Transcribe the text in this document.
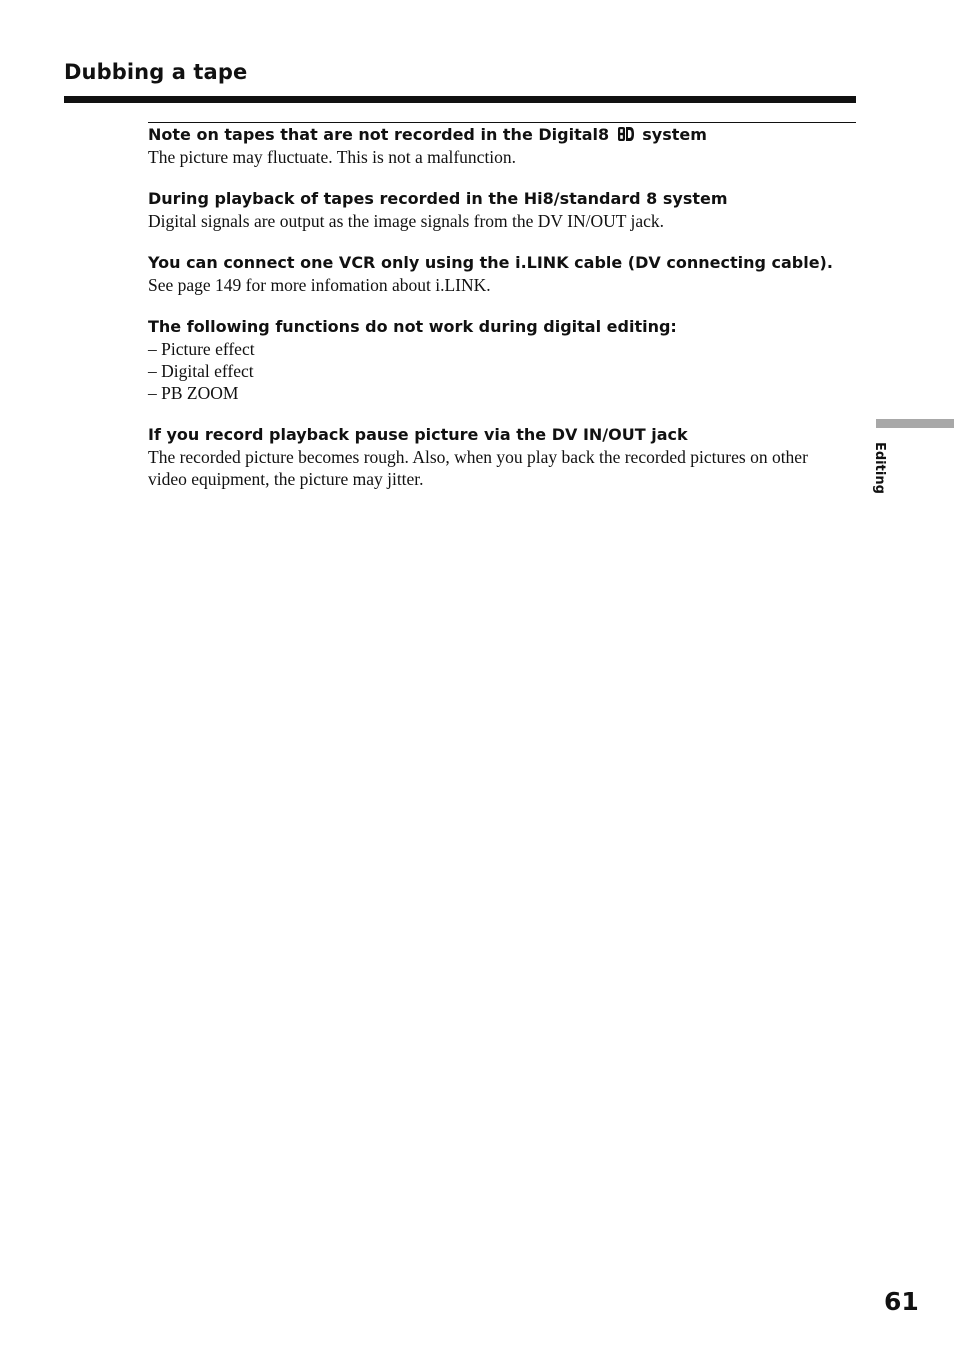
Dubbing a tape

Note on tapes that are not recorded in the Digital8 system

The picture may fluctuate. This is not a malfunction.

During playback of tapes recorded in the Hi8/standard 8 system

Digital signals are output as the image signals from the DV IN/OUT jack.

You can connect one VCR only using the i.LINK cable (DV connecting cable).

See page 149 for more infomation about i.LINK.

The following functions do not work during digital editing:

– Picture effect
– Digital effect
– PB ZOOM

If you record playback pause picture via the DV IN/OUT jack

The recorded picture becomes rough. Also, when you play back the recorded pictures on other video equipment, the picture may jitter.	Editing
61
